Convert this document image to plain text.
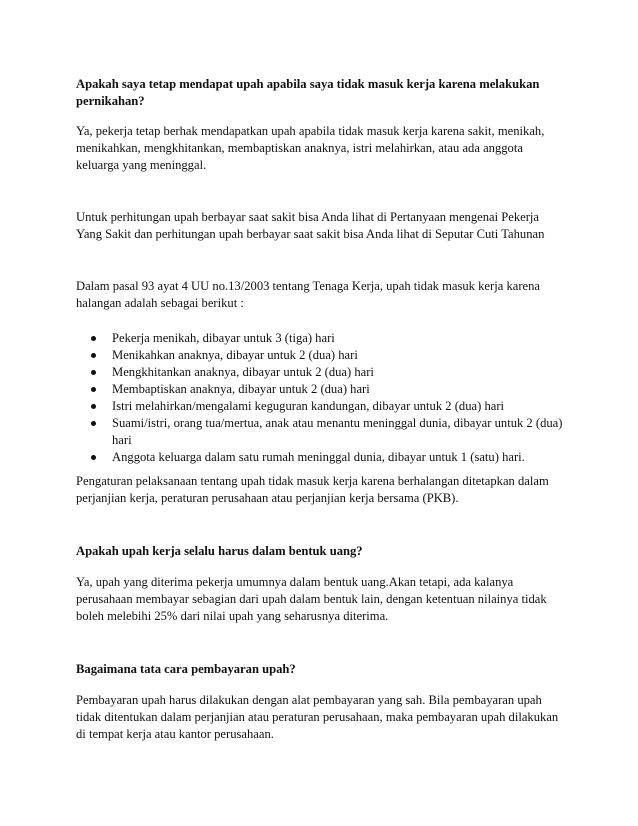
Apakah saya tetap mendapat upah apabila saya tidak masuk kerja karena melakukan pernikahan?

Ya, pekerja tetap berhak mendapatkan upah apabila tidak masuk kerja karena sakit, menikah, menikahkan, mengkhitankan, membaptiskan anaknya, istri melahirkan, atau ada anggota keluarga yang meninggal.

Untuk perhitungan upah berbayar saat sakit bisa Anda lihat di Pertanyaan mengenai Pekerja Yang Sakit dan perhitungan upah berbayar saat sakit bisa Anda lihat di Seputar Cuti Tahunan

Dalam pasal 93 ayat 4 UU no.13/2003 tentang Tenaga Kerja, upah tidak masuk kerja karena halangan adalah sebagai berikut :

Pekerja menikah, dibayar untuk 3 (tiga) hari
Menikahkan anaknya, dibayar untuk 2 (dua) hari
Mengkhitankan anaknya, dibayar untuk 2 (dua) hari
Membaptiskan anaknya, dibayar untuk 2 (dua) hari
Istri melahirkan/mengalami keguguran kandungan, dibayar untuk 2 (dua) hari
Suami/istri, orang tua/mertua, anak atau menantu meninggal dunia, dibayar untuk 2 (dua) hari
Anggota keluarga dalam satu rumah meninggal dunia, dibayar untuk 1 (satu) hari.

Pengaturan pelaksanaan tentang upah tidak masuk kerja karena berhalangan ditetapkan dalam perjanjian kerja, peraturan perusahaan atau perjanjian kerja bersama (PKB).

Apakah upah kerja selalu harus dalam bentuk uang?

Ya, upah yang diterima pekerja umumnya dalam bentuk uang.Akan tetapi, ada kalanya perusahaan membayar sebagian dari upah dalam bentuk lain, dengan ketentuan nilainya tidak boleh melebihi 25% dari nilai upah yang seharusnya diterima.

Bagaimana tata cara pembayaran upah?

Pembayaran upah harus dilakukan dengan alat pembayaran yang sah. Bila pembayaran upah tidak ditentukan dalam perjanjian atau peraturan perusahaan, maka pembayaran upah dilakukan di tempat kerja atau kantor perusahaan.
